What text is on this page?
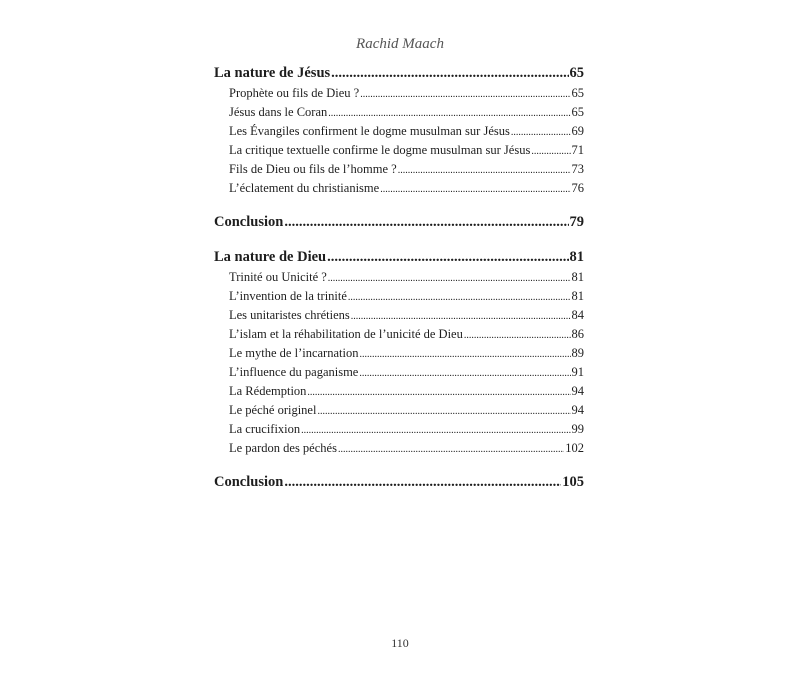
Rachid Maach
La nature de Jésus .....	65
Prophète ou fils de Dieu ? .....	65
Jésus dans le Coran .....	65
Les Évangiles confirment le dogme musulman sur Jésus .....	69
La critique textuelle confirme le dogme musulman sur Jésus .....	71
Fils de Dieu ou fils de l’homme ? .....	73
L’éclatement du christianisme .....	76
Conclusion .....	79
La nature de Dieu .....	81
Trinité ou Unicité ? .....	81
L’invention de la trinité .....	81
Les unitaristes chrétiens .....	84
L’islam et la réhabilitation de l’unicité de Dieu .....	86
Le mythe de l’incarnation .....	89
L’influence du paganisme .....	91
La Rédemption .....	94
Le péché originel .....	94
La crucifixion .....	99
Le pardon des péchés .....	102
Conclusion .....	105
110
